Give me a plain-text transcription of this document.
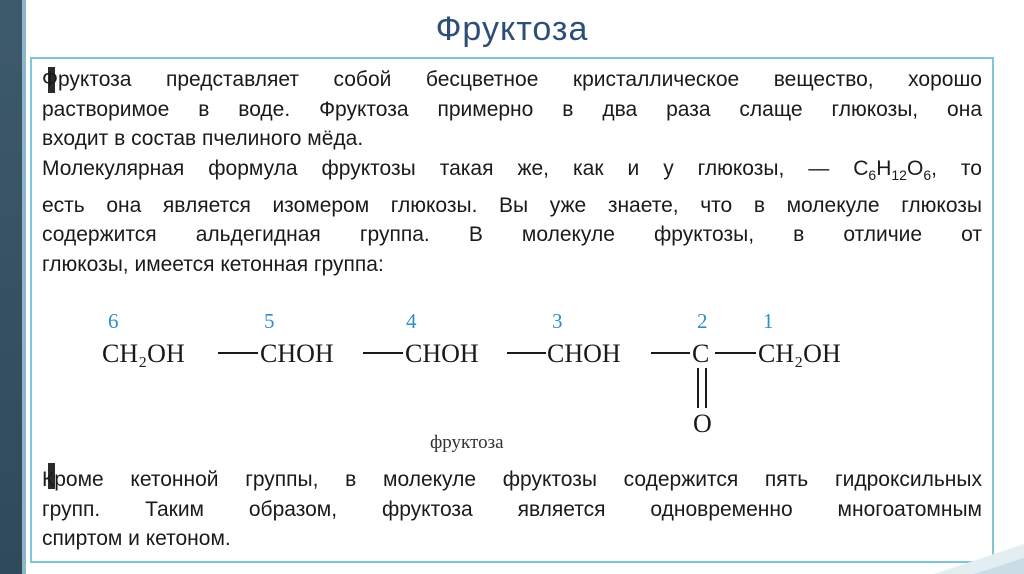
Фруктоза
Фруктоза представляет собой бесцветное кристаллическое вещество, хорошо
растворимое в воде. Фруктоза примерно в два раза слаще глюкозы, она
входит в состав пчелиного мёда.
Молекулярная формула фруктозы такая же, как и у глюкозы, — $C_6H_{12}O_6$, то
есть она является изомером глюкозы. Вы уже знаете, что в молекуле глюкозы
содержится альдегидная группа. В молекуле фруктозы, в отличие от
глюкозы, имеется кетонная группа:
6	5	4	3	2	1
CH₂OH	CHOH	CHOH	CHOH	C CH₂OH
O
фруктоза
Кроме кетонной группы, в молекуле фруктозы содержится пять гидроксильных
групп. Таким образом, фруктоза является одновременно многоатомным
спиртом и кетоном.
